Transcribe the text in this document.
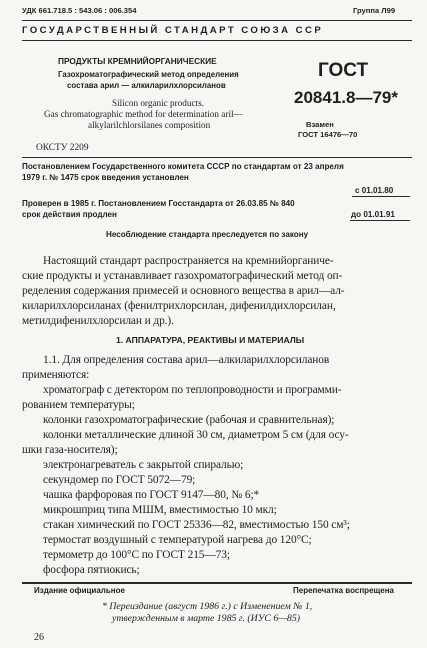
УДК 661.718.5 : 543.06 : 006.354	Группа Л99
ГОСУДАРСТВЕННЫЙ СТАНДАРТ СОЮЗА ССР
ПРОДУКТЫ КРЕМНИЙОРГАНИЧЕСКИЕ
Газохроматографический метод определения
состава арил — алкиларилхлорсиланов
Silicon organic products.
Gas chromatographic method for determination aril—
alkylarilchlorsilanes composition
ГОСТ
20841.8—79*
Взамен
ГОСТ 16476—70
ОКСТУ 2209
Постановлением Государственного комитета СССР по стандартам от 23 апреля
1979 г. № 1475 срок введения установлен
с 01.01.80
Проверен в 1985 г. Постановлением Госстандарта от 26.03.85 № 840
срок действия продлен	до 01.01.91
Несоблюдение стандарта преследуется по закону
Настоящий стандарт распространяется на кремнийорганиче-
ские продукты и устанавливает газохроматографический метод оп-
ределения содержания примесей и основного вещества в арил—ал-
киларилхлорсиланах (фенилтрихлорсилан, дифенилдихлорсилан,
метилдифенилхлорсилан и др.).
1. АППАРАТУРА, РЕАКТИВЫ И МАТЕРИАЛЫ
1.1. Для определения состава арил—алкиларилхлорсиланов
применяются:
хроматограф с детектором по теплопроводности и программи-
рованием температуры;
колонки газохроматографические (рабочая и сравнительная);
колонки металлические длиной 30 см, диаметром 5 см (для осу-
шки газа-носителя);
электронагреватель с закрытой спиралью;
секундомер по ГОСТ 5072—79;
чашка фарфоровая по ГОСТ 9147—80, № 6;*
микрошприц типа МШМ, вместимостью 10 мкл;
стакан химический по ГОСТ 25336—82, вместимостью 150 см³;
термостат воздушный с температурой нагрева до 120°С;
термометр до 100°С по ГОСТ 215—73;
фосфора пятиокись;
Издание официальное	Перепечатка воспрещена
* Переиздание (август 1986 г.) с Изменением № 1,
утвержденным в марте 1985 г. (ИУС 6—85)
26
